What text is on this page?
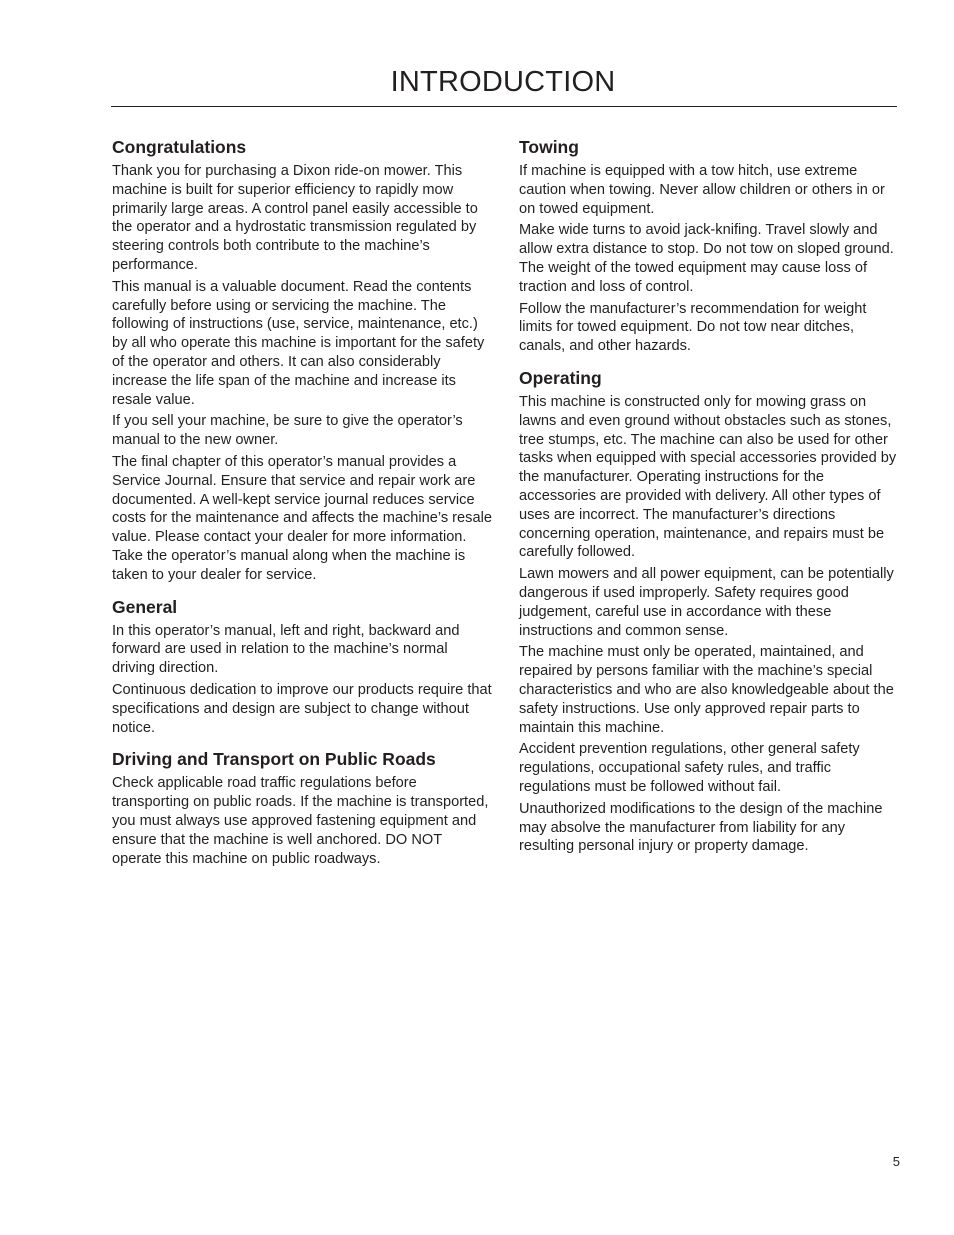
INTRODUCTION
Congratulations

Thank you for purchasing a Dixon ride-on mower. This machine is built for superior efficiency to rapidly mow primarily large areas. A control panel easily accessible to the operator and a hydrostatic transmission regulated by steering controls both contribute to the machine’s performance.

This manual is a valuable document. Read the contents carefully before using or servicing the machine. The following of instructions (use, service, maintenance, etc.) by all who operate this machine is important for the safety of the operator and others. It can also considerably increase the life span of the machine and increase its resale value.

If you sell your machine, be sure to give the operator’s manual to the new owner.

The final chapter of this operator’s manual provides a Service Journal. Ensure that service and repair work are documented. A well-kept service journal reduces service costs for the maintenance and affects the machine’s resale value. Please contact your dealer for more information. Take the operator’s manual along when the machine is taken to your dealer for service.

General

In this operator’s manual, left and right, backward and forward are used in relation to the machine’s normal driving direction.

Continuous dedication to improve our products require that specifications and design are subject to change without notice.

Driving and Transport on Public Roads

Check applicable road traffic regulations before transporting on public roads. If the machine is transported, you must always use approved fastening equipment and ensure that the machine is well anchored. DO NOT operate this machine on public roadways.

Towing

If machine is equipped with a tow hitch, use extreme caution when towing. Never allow children or others in or on towed equipment.

Make wide turns to avoid jack-knifing. Travel slowly and allow extra distance to stop. Do not tow on sloped ground. The weight of the towed equipment may cause loss of traction and loss of control.

Follow the manufacturer’s recommendation for weight limits for towed equipment. Do not tow near ditches, canals, and other hazards.

Operating

This machine is constructed only for mowing grass on lawns and even ground without obstacles such as stones, tree stumps, etc. The machine can also be used for other tasks when equipped with special accessories provided by the manufacturer. Operating instructions for the accessories are provided with delivery. All other types of uses are incorrect. The manufacturer’s directions concerning operation, maintenance, and repairs must be carefully followed.

Lawn mowers and all power equipment, can be potentially dangerous if used improperly. Safety requires good judgement, careful use in accordance with these instructions and common sense.

The machine must only be operated, maintained, and repaired by persons familiar with the machine’s special characteristics and who are also knowledgeable about the safety instructions. Use only approved repair parts to maintain this machine.

Accident prevention regulations, other general safety regulations, occupational safety rules, and traffic regulations must be followed without fail.

Unauthorized modifications to the design of the machine may absolve the manufacturer from liability for any resulting personal injury or property damage.

5
